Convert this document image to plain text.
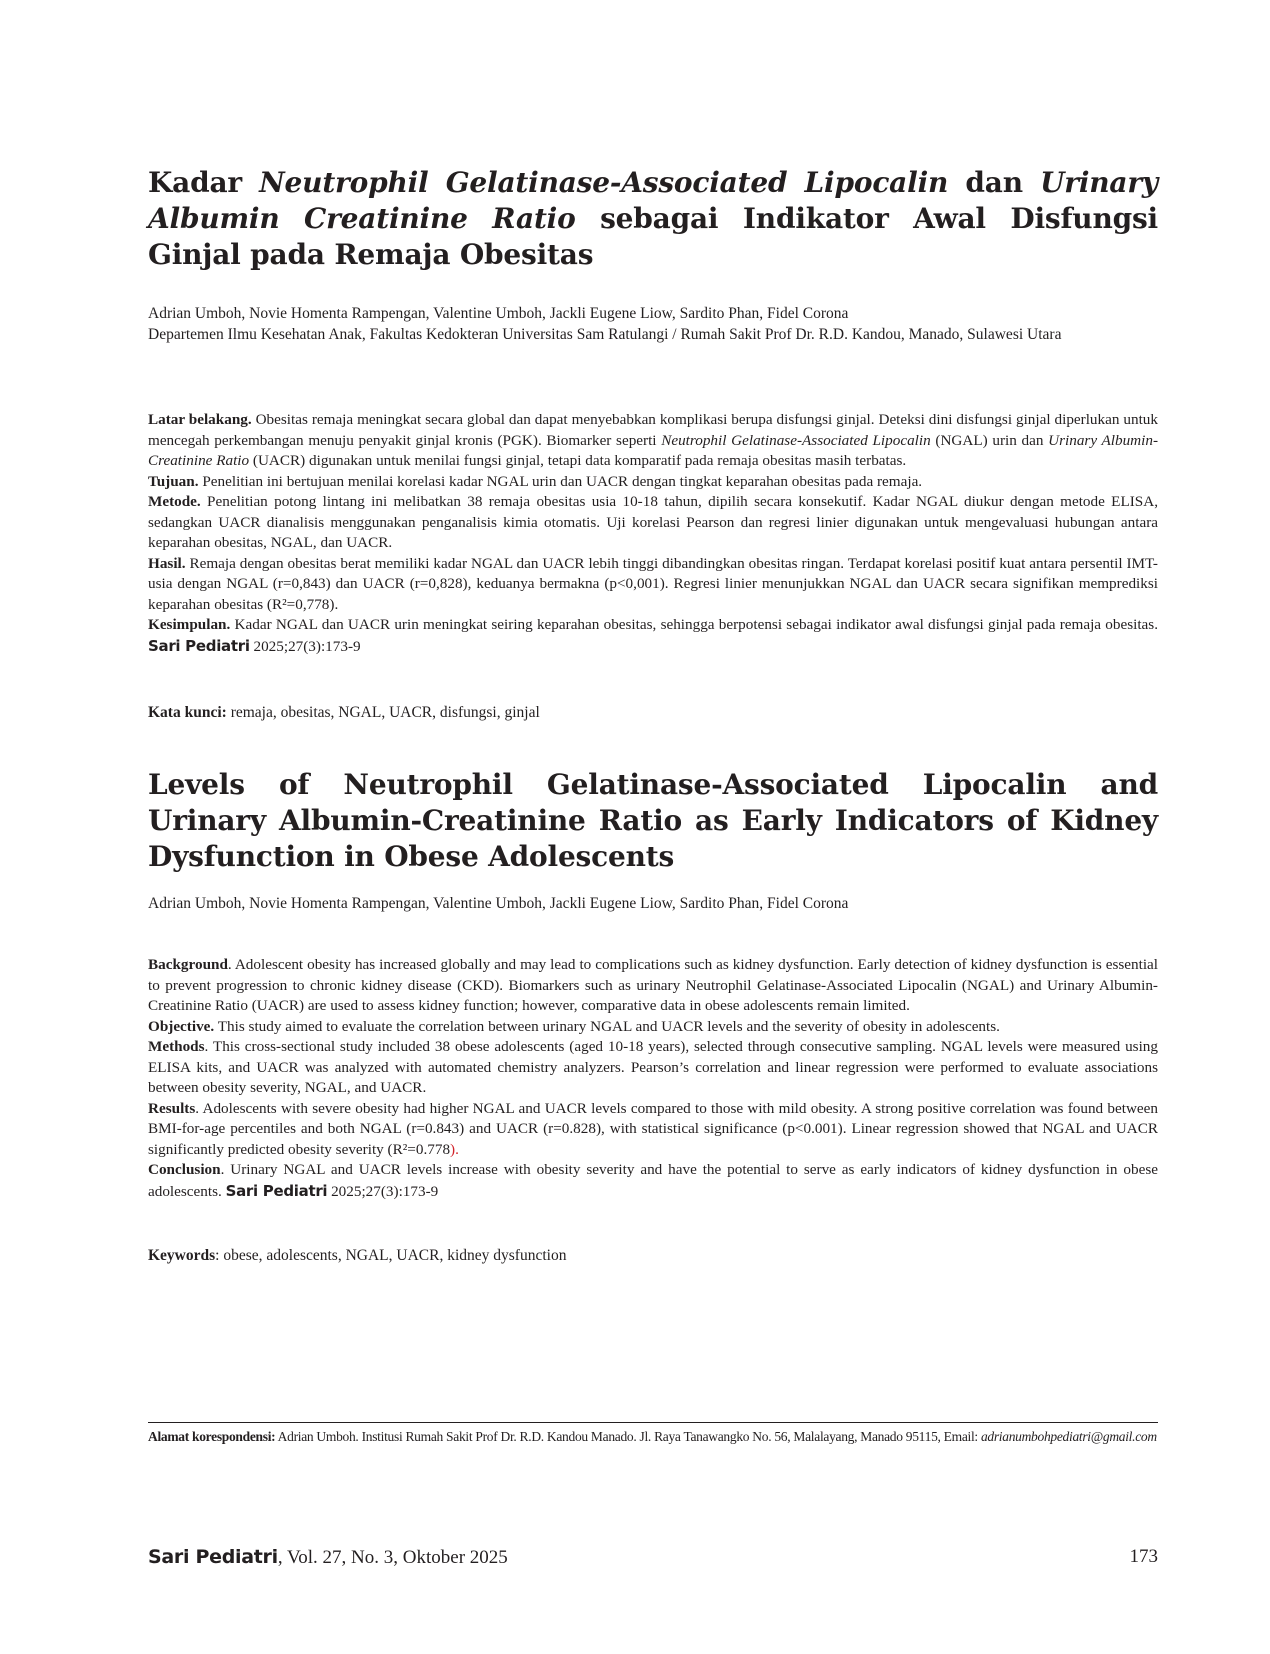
Kadar Neutrophil Gelatinase-Associated Lipocalin dan Urinary Albumin Creatinine Ratio sebagai Indikator Awal Disfungsi Ginjal pada Remaja Obesitas

Adrian Umboh, Novie Homenta Rampengan, Valentine Umboh, Jackli Eugene Liow, Sardito Phan, Fidel Corona

Departemen Ilmu Kesehatan Anak, Fakultas Kedokteran Universitas Sam Ratulangi / Rumah Sakit Prof Dr. R.D. Kandou, Manado, Sulawesi Utara

Latar belakang. Obesitas remaja meningkat secara global dan dapat menyebabkan komplikasi berupa disfungsi ginjal. Deteksi dini disfungsi ginjal diperlukan untuk mencegah perkembangan menuju penyakit ginjal kronis (PGK). Biomarker seperti Neutrophil Gelatinase-Associated Lipocalin (NGAL) urin dan Urinary Albumin-Creatinine Ratio (UACR) digunakan untuk menilai fungsi ginjal, tetapi data komparatif pada remaja obesitas masih terbatas.

Tujuan. Penelitian ini bertujuan menilai korelasi kadar NGAL urin dan UACR dengan tingkat keparahan obesitas pada remaja.

Metode. Penelitian potong lintang ini melibatkan 38 remaja obesitas usia 10-18 tahun, dipilih secara konsekutif. Kadar NGAL diukur dengan metode ELISA, sedangkan UACR dianalisis menggunakan penganalisis kimia otomatis. Uji korelasi Pearson dan regresi linier digunakan untuk mengevaluasi hubungan antara keparahan obesitas, NGAL, dan UACR.

Hasil. Remaja dengan obesitas berat memiliki kadar NGAL dan UACR lebih tinggi dibandingkan obesitas ringan. Terdapat korelasi positif kuat antara persentil IMT-usia dengan NGAL (r=0,843) dan UACR (r=0,828), keduanya bermakna (p<0,001). Regresi linier menunjukkan NGAL dan UACR secara signifikan memprediksi keparahan obesitas (R²=0,778).

Kesimpulan. Kadar NGAL dan UACR urin meningkat seiring keparahan obesitas, sehingga berpotensi sebagai indikator awal disfungsi ginjal pada remaja obesitas. Sari Pediatri 2025;27(3):173-9

Kata kunci: remaja, obesitas, NGAL, UACR, disfungsi, ginjal

Levels of Neutrophil Gelatinase-Associated Lipocalin and Urinary Albumin-Creatinine Ratio as Early Indicators of Kidney Dysfunction in Obese Adolescents

Adrian Umboh, Novie Homenta Rampengan, Valentine Umboh, Jackli Eugene Liow, Sardito Phan, Fidel Corona

Background. Adolescent obesity has increased globally and may lead to complications such as kidney dysfunction. Early detection of kidney dysfunction is essential to prevent progression to chronic kidney disease (CKD). Biomarkers such as urinary Neutrophil Gelatinase-Associated Lipocalin (NGAL) and Urinary Albumin-Creatinine Ratio (UACR) are used to assess kidney function; however, comparative data in obese adolescents remain limited.

Objective. This study aimed to evaluate the correlation between urinary NGAL and UACR levels and the severity of obesity in adolescents.

Methods. This cross-sectional study included 38 obese adolescents (aged 10-18 years), selected through consecutive sampling. NGAL levels were measured using ELISA kits, and UACR was analyzed with automated chemistry analyzers. Pearson’s correlation and linear regression were performed to evaluate associations between obesity severity, NGAL, and UACR.

Results. Adolescents with severe obesity had higher NGAL and UACR levels compared to those with mild obesity. A strong positive correlation was found between BMI-for-age percentiles and both NGAL (r=0.843) and UACR (r=0.828), with statistical significance (p<0.001). Linear regression showed that NGAL and UACR significantly predicted obesity severity (R²=0.778).

Conclusion. Urinary NGAL and UACR levels increase with obesity severity and have the potential to serve as early indicators of kidney dysfunction in obese adolescents. Sari Pediatri 2025;27(3):173-9

Keywords: obese, adolescents, NGAL, UACR, kidney dysfunction

Alamat korespondensi: Adrian Umboh. Institusi Rumah Sakit Prof Dr. R.D. Kandou Manado. Jl. Raya Tanawangko No. 56, Malalayang, Manado 95115, Email: adrianumbohpediatri@gmail.com

Sari Pediatri, Vol. 27, No. 3, Oktober 2025	173
